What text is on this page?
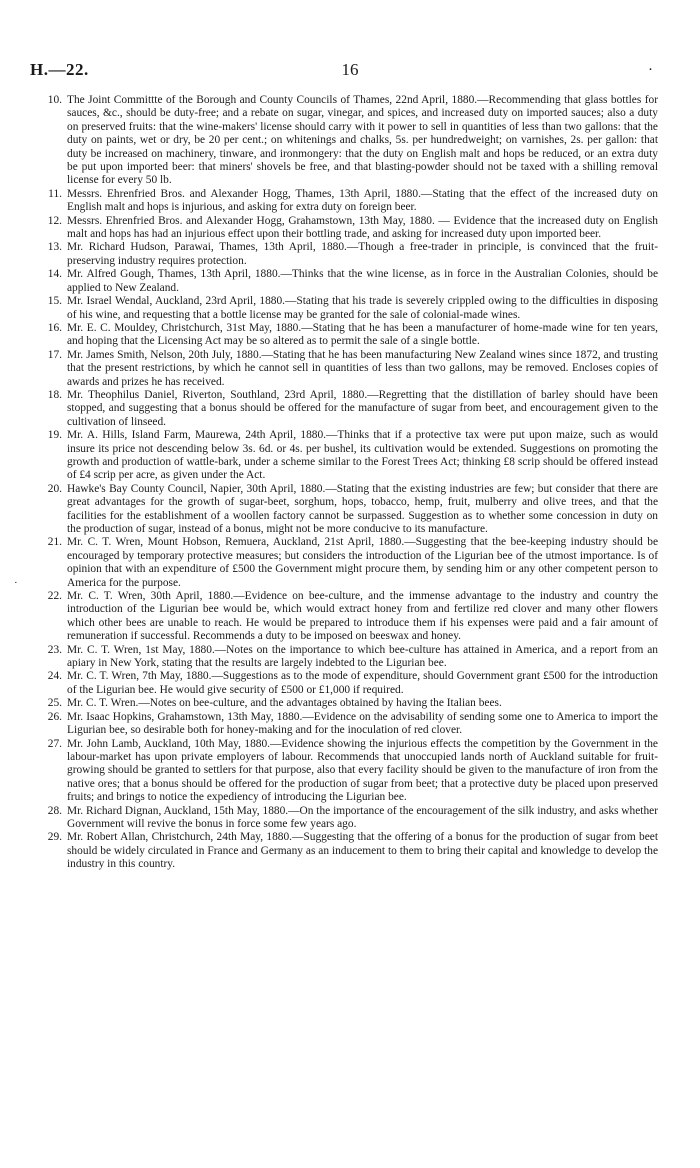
H.—22.	16	·
·
10. The Joint Committte of the Borough and County Councils of Thames, 22nd April, 1880.—Recommending that glass bottles for sauces, &c., should be duty-free; and a rebate on sugar, vinegar, and spices, and increased duty on imported sauces; also a duty on preserved fruits: that the wine-makers' license should carry with it power to sell in quantities of less than two gallons: that the duty on paints, wet or dry, be 20 per cent.; on whitenings and chalks, 5s. per hundredweight; on varnishes, 2s. per gallon: that duty be increased on machinery, tinware, and ironmongery: that the duty on English malt and hops be reduced, or an extra duty be put upon imported beer: that miners' shovels be free, and that blasting-powder should not be taxed with a shilling removal license for every 50 lb.
11. Messrs. Ehrenfried Bros. and Alexander Hogg, Thames, 13th April, 1880.—Stating that the effect of the increased duty on English malt and hops is injurious, and asking for extra duty on foreign beer.
12. Messrs. Ehrenfried Bros. and Alexander Hogg, Grahamstown, 13th May, 1880. — Evidence that the increased duty on English malt and hops has had an injurious effect upon their bottling trade, and asking for increased duty upon imported beer.
13. Mr. Richard Hudson, Parawai, Thames, 13th April, 1880.—Though a free-trader in principle, is convinced that the fruit-preserving industry requires protection.
14. Mr. Alfred Gough, Thames, 13th April, 1880.—Thinks that the wine license, as in force in the Australian Colonies, should be applied to New Zealand.
15. Mr. Israel Wendal, Auckland, 23rd April, 1880.—Stating that his trade is severely crippled owing to the difficulties in disposing of his wine, and requesting that a bottle license may be granted for the sale of colonial-made wines.
16. Mr. E. C. Mouldey, Christchurch, 31st May, 1880.—Stating that he has been a manufacturer of home-made wine for ten years, and hoping that the Licensing Act may be so altered as to permit the sale of a single bottle.
17. Mr. James Smith, Nelson, 20th July, 1880.—Stating that he has been manufacturing New Zealand wines since 1872, and trusting that the present restrictions, by which he cannot sell in quantities of less than two gallons, may be removed. Encloses copies of awards and prizes he has received.
18. Mr. Theophilus Daniel, Riverton, Southland, 23rd April, 1880.—Regretting that the distillation of barley should have been stopped, and suggesting that a bonus should be offered for the manufacture of sugar from beet, and encouragement given to the cultivation of linseed.
19. Mr. A. Hills, Island Farm, Maurewa, 24th April, 1880.—Thinks that if a protective tax were put upon maize, such as would insure its price not descending below 3s. 6d. or 4s. per bushel, its cultivation would be extended. Suggestions on promoting the growth and production of wattle-bark, under a scheme similar to the Forest Trees Act; thinking £8 scrip should be offered instead of £4 scrip per acre, as given under the Act.
20. Hawke's Bay County Council, Napier, 30th April, 1880.—Stating that the existing industries are few; but consider that there are great advantages for the growth of sugar-beet, sorghum, hops, tobacco, hemp, fruit, mulberry and olive trees, and that the facilities for the establishment of a woollen factory cannot be surpassed. Suggestion as to whether some concession in duty on the production of sugar, instead of a bonus, might not be more conducive to its manufacture.
21. Mr. C. T. Wren, Mount Hobson, Remuera, Auckland, 21st April, 1880.—Suggesting that the bee-keeping industry should be encouraged by temporary protective measures; but considers the introduction of the Ligurian bee of the utmost importance. Is of opinion that with an expenditure of £500 the Government might procure them, by sending him or any other competent person to America for the purpose.
22. Mr. C. T. Wren, 30th April, 1880.—Evidence on bee-culture, and the immense advantage to the industry and country the introduction of the Ligurian bee would be, which would extract honey from and fertilize red clover and many other flowers which other bees are unable to reach. He would be prepared to introduce them if his expenses were paid and a fair amount of remuneration if successful. Recommends a duty to be imposed on beeswax and honey.
23. Mr. C. T. Wren, 1st May, 1880.—Notes on the importance to which bee-culture has attained in America, and a report from an apiary in New York, stating that the results are largely indebted to the Ligurian bee.
24. Mr. C. T. Wren, 7th May, 1880.—Suggestions as to the mode of expenditure, should Government grant £500 for the introduction of the Ligurian bee. He would give security of £500 or £1,000 if required.
25. Mr. C. T. Wren.—Notes on bee-culture, and the advantages obtained by having the Italian bees.
26. Mr. Isaac Hopkins, Grahamstown, 13th May, 1880.—Evidence on the advisability of sending some one to America to import the Ligurian bee, so desirable both for honey-making and for the inoculation of red clover.
27. Mr. John Lamb, Auckland, 10th May, 1880.—Evidence showing the injurious effects the competition by the Government in the labour-market has upon private employers of labour. Recommends that unoccupied lands north of Auckland suitable for fruit-growing should be granted to settlers for that purpose, also that every facility should be given to the manufacture of iron from the native ores; that a bonus should be offered for the production of sugar from beet; that a protective duty be placed upon preserved fruits; and brings to notice the expediency of introducing the Ligurian bee.
28. Mr. Richard Dignan, Auckland, 15th May, 1880.—On the importance of the encouragement of the silk industry, and asks whether Government will revive the bonus in force some few years ago.
29. Mr. Robert Allan, Christchurch, 24th May, 1880.—Suggesting that the offering of a bonus for the production of sugar from beet should be widely circulated in France and Germany as an inducement to them to bring their capital and knowledge to develop the industry in this country.
